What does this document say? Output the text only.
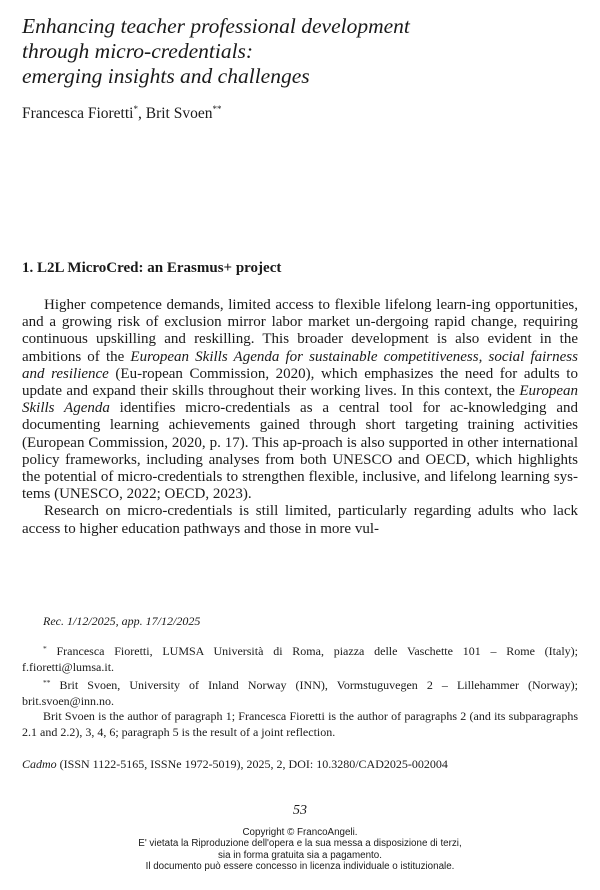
Enhancing teacher professional development
through micro-credentials:
emerging insights and challenges
Francesca Fioretti*, Brit Svoen**
1. L2L MicroCred: an Erasmus+ project

Higher competence demands, limited access to flexible lifelong learn-ing opportunities, and a growing risk of exclusion mirror labor market un-dergoing rapid change, requiring continuous upskilling and reskilling. This broader development is also evident in the ambitions of the European Skills Agenda for sustainable competitiveness, social fairness and resilience (Eu-ropean Commission, 2020), which emphasizes the need for adults to update and expand their skills throughout their working lives. In this context, the European Skills Agenda identifies micro-credentials as a central tool for ac-knowledging and documenting learning achievements gained through short targeting training activities (European Commission, 2020, p. 17). This ap-proach is also supported in other international policy frameworks, including analyses from both UNESCO and OECD, which highlights the potential of micro-credentials to strengthen flexible, inclusive, and lifelong learning sys-tems (UNESCO, 2022; OECD, 2023).

Research on micro-credentials is still limited, particularly regarding adults who lack access to higher education pathways and those in more vul-

Rec. 1/12/2025, app. 17/12/2025

* Francesca Fioretti, LUMSA Università di Roma, piazza delle Vaschette 101 – Rome (Italy); f.fioretti@lumsa.it.

** Brit Svoen, University of Inland Norway (INN), Vormstuguvegen 2 – Lillehammer (Norway); brit.svoen@inn.no.

Brit Svoen is the author of paragraph 1; Francesca Fioretti is the author of paragraphs 2 (and its subparagraphs 2.1 and 2.2), 3, 4, 6; paragraph 5 is the result of a joint reflection.

Cadmo (ISSN 1122-5165, ISSNe 1972-5019), 2025, 2, DOI: 10.3280/CAD2025-002004
53
Copyright © FrancoAngeli.
E' vietata la Riproduzione dell'opera e la sua messa a disposizione di terzi,
sia in forma gratuita sia a pagamento.
Il documento può essere concesso in licenza individuale o istituzionale.
